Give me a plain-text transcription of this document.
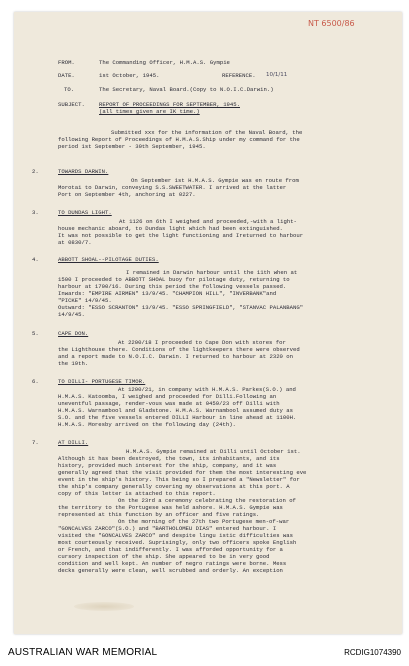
NT 6500/86
FROM.	The Commanding Officer, H.M.A.S. Gympie
DATE.	1st October, 1945.	REFERENCE. 10/1/11
TO.	The Secretary, Naval Board.(Copy to N.O.I.C.Darwin.)
SUBJECT.	REPORT OF PROCEEDINGS FOR SEPTEMBER, 1945.
(all times given are IK time.)
Submitted xxx for the information of the Naval Board, the
following Report of Proceedings of H.M.A.S.Ship under my command for the
period 1st September - 30th September, 1945.
2.	TOWARDS DARWIN.
On September 1st H.M.A.S. Gympie was en route from
Morotai to Darwin, conveying S.S.SWEETWATER. I arrived at the latter
Port on September 4th, anchoring at 0227.
3.	TO DUNDAS LIGHT.
At 1126 on 6th I weighed and proceeded,-with a light-
house mechanic aboard, to Dundas light which had been extinguished.
It was not possible to get the light functioning and Ireturned to harbour
at 0830/7.
4.	ABBOTT SHOAL--PILOTAGE DUTIES.
I remained in Darwin harbour until the 11th when at
1500 I proceeded to ABBOTT SHOAL buoy for pilotage duty, returning to
harbour at 1700/16. During this period the following vessels passed.
Inwards: "EMPIRE AIRMEN" 13/9/45. "CHAMPION HILL", "INVERBANK"and
"PICKE" 14/9/45.
Outward: "ESSO SCRANTON" 13/9/45. "ESSO SPRINGFIELD", "STANVAC PALANBANG"
14/9/45.
5.	CAPE DON.
At 2200/18 I proceeded to Cape Don with stores for
the Lighthouse there. Conditions of the lightkeepers there were observed
and a report made to N.O.I.C. Darwin. I returned to harbour at 2320 on
the 19th.
6.	TO DILLI- PORTUGESE TIMOR.
At 1200/21, in company with H.M.A.S. Parkes(S.O.) and
H.M.A.S. Katoomba, I weighed and proceeded for Dilli.Following an
uneventful passage, render-vous was made at 0459/23 off Dilli with
H.M.A.S. Warnambool and Gladstone. H.M.A.S. Warnambool assumed duty as
S.O. and the five vessels entered DILLI Harbour in line ahead at 1100H.
H.M.A.S. Moresby arrived on the following day (24th).
7.	AT DILLI.
H.M.A.S. Gympie remained at Dilli until October 1st.
Although it has been destroyed, the town, its inhabitants, and its
history, provided much interest for the ship, company, and it was
generally agreed that the visit provided for them the most interesting eve
event in the ship's history. This being so I prepared a "Newsletter" for
the ship's company generally covering my observations at this port. A
copy of this letter is attached to this report.
On the 23rd a ceremony celebrating the restoration of
the territory to the Portugese was held ashore. H.M.A.S. Gympie was
represented at this function by an officer and five ratings.
On the morning of the 27th two Portugese men-of-war
"GONCALVES ZARCO"(S.O.) and "BARTHOLOMEU DIAS" entered harbour. I
visited the "GONCALVES ZARCO" and despite lingu istic difficulties was
most courteously received. Suprisingly, only two officers spoke English
or French, and that indifferently. I was afforded opportunity for a
cursory inspection of the ship. She appeared to be in very good
condition and well kept. An number of negro ratings were borne. Mess
decks generally were clean, well scrubbed and orderly. An exception
AUSTRALIAN WAR MEMORIAL	RCDIG1074390
